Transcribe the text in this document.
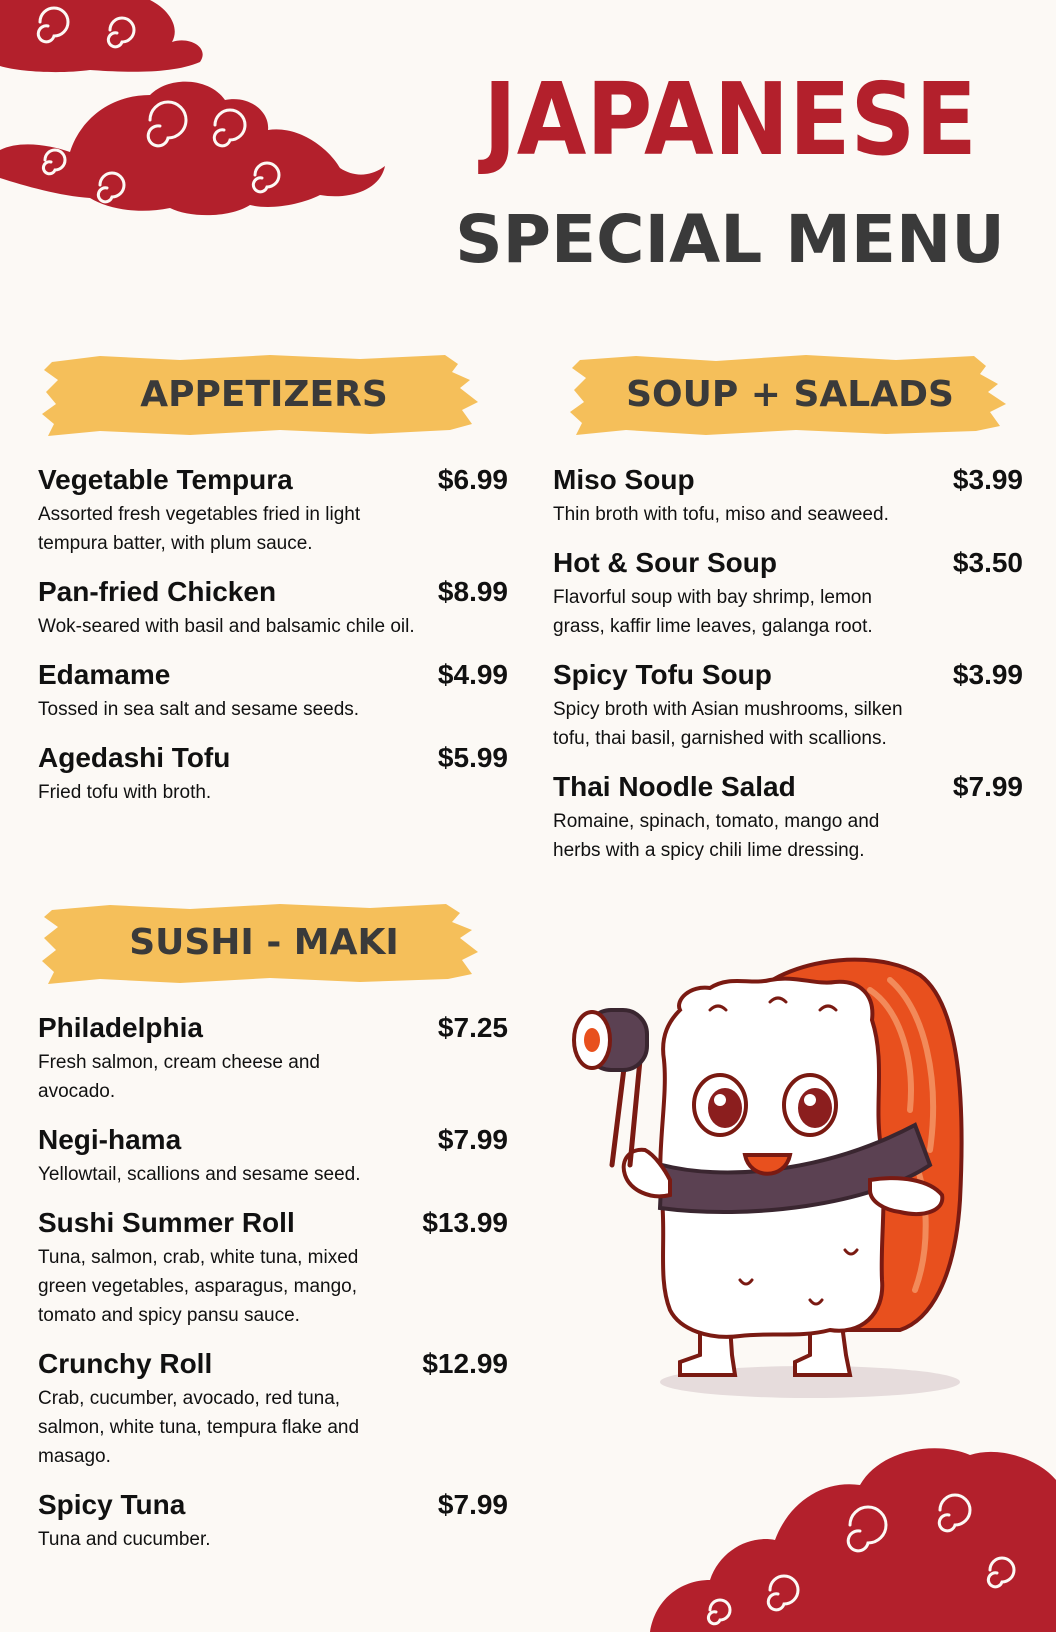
JAPANESE
SPECIAL MENU
APPETIZERS	SOUP + SALADS
SUSHI - MAKI
Vegetable Tempura	$6.99
Assorted fresh vegetables fried in light tempura batter, with plum sauce.
Pan-fried Chicken	$8.99
Wok-seared with basil and balsamic chile oil.
Edamame	$4.99
Tossed in sea salt and sesame seeds.
Agedashi Tofu	$5.99
Fried tofu with broth.
Miso Soup	$3.99
Thin broth with tofu, miso and seaweed.
Hot & Sour Soup	$3.50
Flavorful soup with bay shrimp, lemon grass, kaffir lime leaves, galanga root.
Spicy Tofu Soup	$3.99
Spicy broth with Asian mushrooms, silken tofu, thai basil, garnished with scallions.
Thai Noodle Salad	$7.99
Romaine, spinach, tomato, mango and herbs with a spicy chili lime dressing.
Philadelphia	$7.25
Fresh salmon, cream cheese and avocado.
Negi-hama	$7.99
Yellowtail, scallions and sesame seed.
Sushi Summer Roll	$13.99
Tuna, salmon, crab, white tuna, mixed green vegetables, asparagus, mango, tomato and spicy pansu sauce.
Crunchy Roll	$12.99
Crab, cucumber, avocado, red tuna, salmon, white tuna, tempura flake and masago.
Spicy Tuna	$7.99
Tuna and cucumber.
